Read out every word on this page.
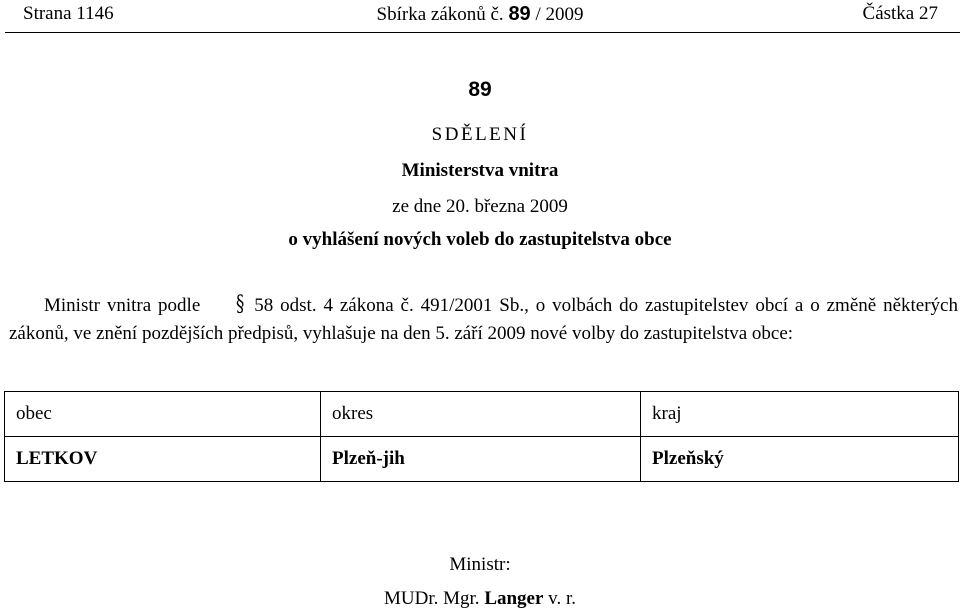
Strana 1146	Sbírka zákonů č. 89 / 2009	Částka 27
89
SDĚLENÍ
Ministerstva vnitra
ze dne 20. března 2009
o vyhlášení nových voleb do zastupitelstva obce
Ministr vnitra podle § 58 odst. 4 zákona č. 491/2001 Sb., o volbách do zastupitelstev obcí a o změně některých zákonů, ve znění pozdějších předpisů, vyhlašuje na den 5. září 2009 nové volby do zastupitelstva obce:
obec	okres	kraj
LETKOV	Plzeň-jih	Plzeňský
Ministr:
MUDr. Mgr. Langer v. r.
